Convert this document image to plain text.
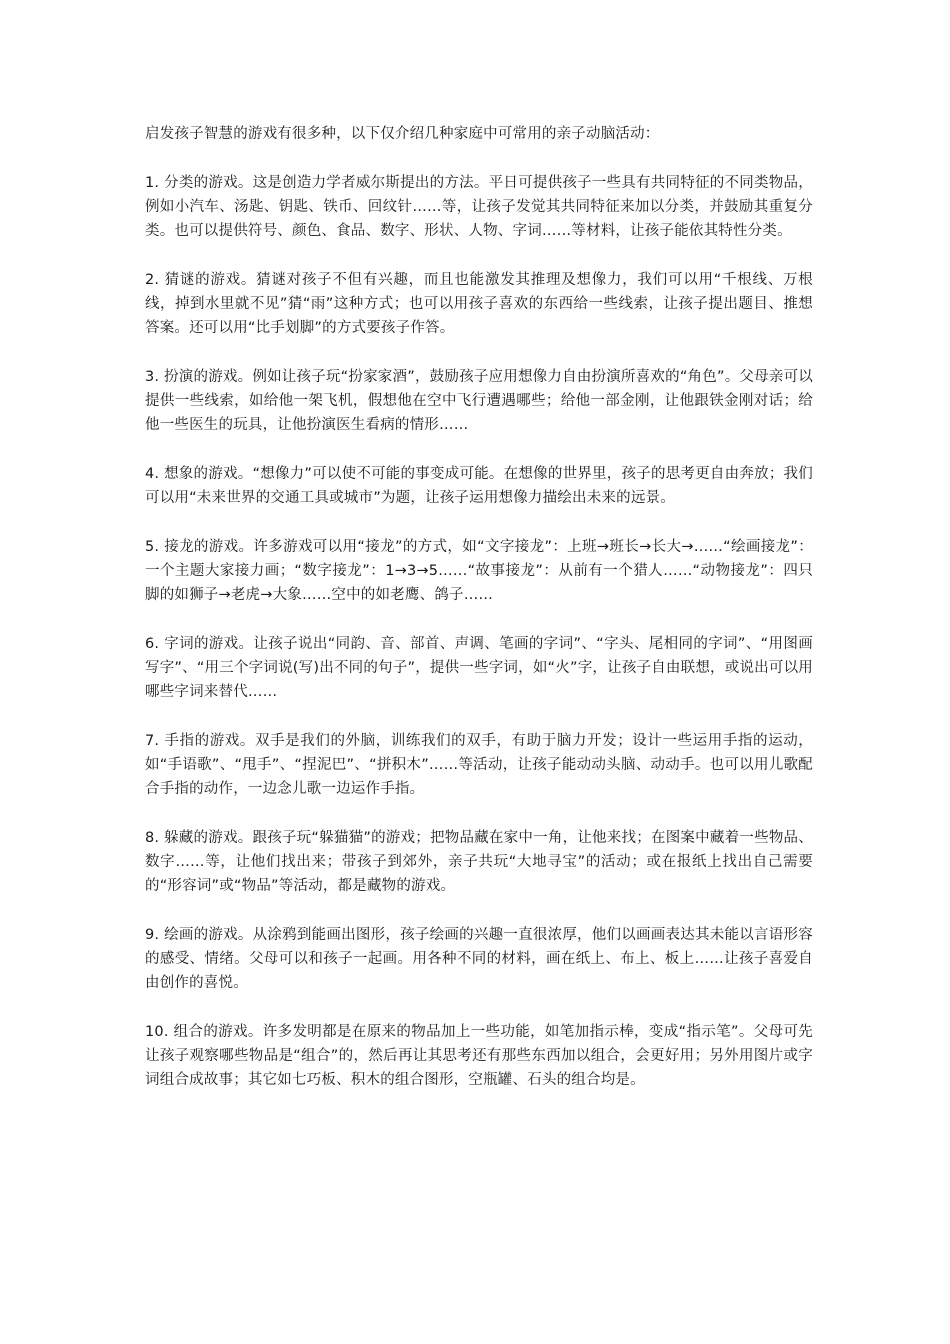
启发孩子智慧的游戏有很多种，以下仅介绍几种家庭中可常用的亲子动脑活动：

1. 分类的游戏。这是创造力学者威尔斯提出的方法。平日可提供孩子一些具有共同特征的不同类物品，例如小汽车、汤匙、钥匙、铁币、回纹针……等，让孩子发觉其共同特征来加以分类，并鼓励其重复分类。也可以提供符号、颜色、食品、数字、形状、人物、字词……等材料，让孩子能依其特性分类。

2. 猜谜的游戏。猜谜对孩子不但有兴趣，而且也能激发其推理及想像力，我们可以用“千根线、万根线，掉到水里就不见”猜“雨”这种方式；也可以用孩子喜欢的东西给一些线索，让孩子提出题目、推想答案。还可以用“比手划脚”的方式要孩子作答。

3. 扮演的游戏。例如让孩子玩“扮家家酒”，鼓励孩子应用想像力自由扮演所喜欢的“角色”。父母亲可以提供一些线索，如给他一架飞机，假想他在空中飞行遭遇哪些；给他一部金刚，让他跟铁金刚对话；给他一些医生的玩具，让他扮演医生看病的情形……

4. 想象的游戏。“想像力”可以使不可能的事变成可能。在想像的世界里，孩子的思考更自由奔放；我们可以用“未来世界的交通工具或城市”为题，让孩子运用想像力描绘出未来的远景。

5. 接龙的游戏。许多游戏可以用“接龙”的方式，如“文字接龙”：上班→班长→长大→……“绘画接龙”：一个主题大家接力画；“数字接龙”：1→3→5……“故事接龙”：从前有一个猎人……“动物接龙”：四只脚的如狮子→老虎→大象……空中的如老鹰、鸽子……

6. 字词的游戏。让孩子说出“同韵、音、部首、声调、笔画的字词”、“字头、尾相同的字词”、“用图画写字”、“用三个字词说(写)出不同的句子”，提供一些字词，如“火”字，让孩子自由联想，或说出可以用哪些字词来替代……

7. 手指的游戏。双手是我们的外脑，训练我们的双手，有助于脑力开发；设计一些运用手指的运动，如“手语歌”、“甩手”、“捏泥巴”、“拼积木”……等活动，让孩子能动动头脑、动动手。也可以用儿歌配合手指的动作，一边念儿歌一边运作手指。

8. 躲藏的游戏。跟孩子玩“躲猫猫”的游戏；把物品藏在家中一角，让他来找；在图案中藏着一些物品、数字……等，让他们找出来；带孩子到郊外，亲子共玩“大地寻宝”的活动；或在报纸上找出自己需要的“形容词”或“物品”等活动，都是藏物的游戏。

9. 绘画的游戏。从涂鸦到能画出图形，孩子绘画的兴趣一直很浓厚，他们以画画表达其未能以言语形容的感受、情绪。父母可以和孩子一起画。用各种不同的材料，画在纸上、布上、板上……让孩子喜爱自由创作的喜悦。

10. 组合的游戏。许多发明都是在原来的物品加上一些功能，如笔加指示棒，变成“指示笔”。父母可先让孩子观察哪些物品是“组合”的，然后再让其思考还有那些东西加以组合，会更好用；另外用图片或字词组合成故事；其它如七巧板、积木的组合图形，空瓶罐、石头的组合均是。
